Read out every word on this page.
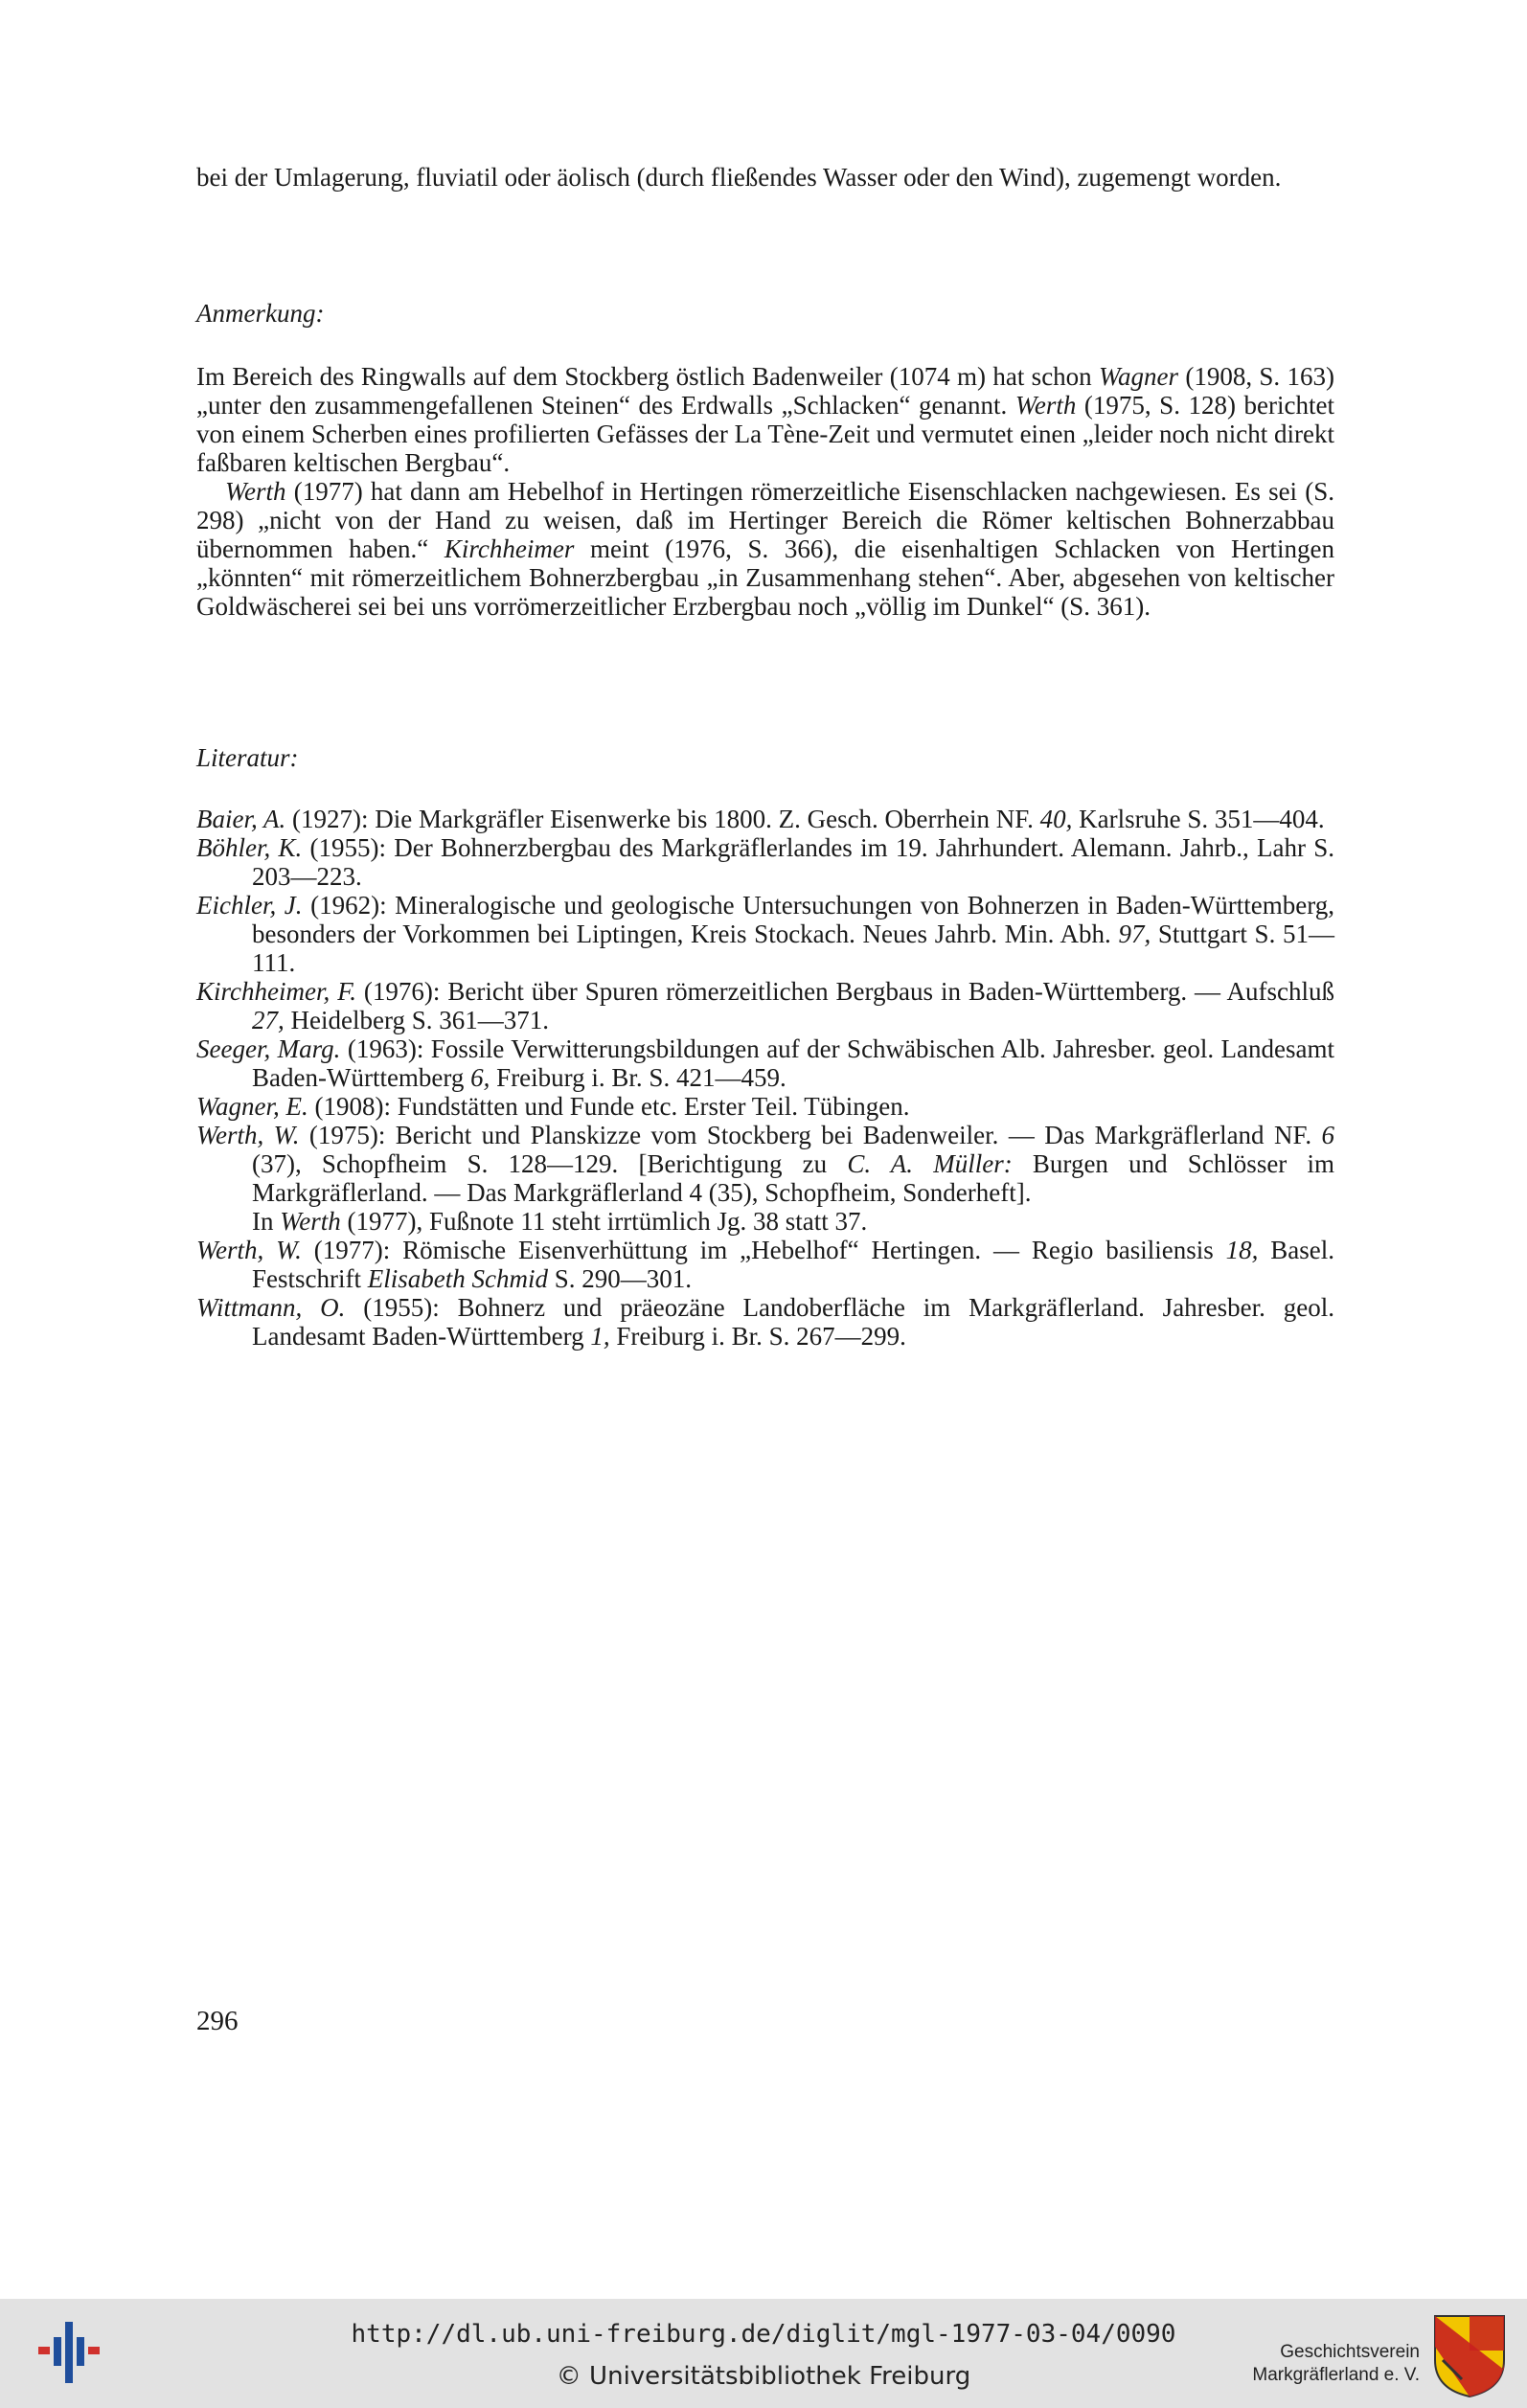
bei der Umlagerung, fluviatil oder äolisch (durch fließendes Wasser oder den Wind), zugemengt worden.

Anmerkung:

Im Bereich des Ringwalls auf dem Stockberg östlich Badenweiler (1074 m) hat schon Wagner (1908, S. 163) „unter den zusammengefallenen Steinen“ des Erdwalls „Schlacken“ genannt. Werth (1975, S. 128) berichtet von einem Scherben eines profilierten Gefässes der La Tène-Zeit und vermutet einen „leider noch nicht direkt faßbaren keltischen Bergbau“.

Werth (1977) hat dann am Hebelhof in Hertingen römerzeitliche Eisenschlacken nachgewiesen. Es sei (S. 298) „nicht von der Hand zu weisen, daß im Hertinger Bereich die Römer keltischen Bohnerzabbau übernommen haben.“ Kirchheimer meint (1976, S. 366), die eisenhaltigen Schlacken von Hertingen „könnten“ mit römerzeitlichem Bohnerzbergbau „in Zusammenhang stehen“. Aber, abgesehen von keltischer Goldwäscherei sei bei uns vorrömerzeitlicher Erzbergbau noch „völlig im Dunkel“ (S. 361).

Literatur:

Baier, A. (1927): Die Markgräfler Eisenwerke bis 1800. Z. Gesch. Oberrhein NF. 40, Karlsruhe S. 351—404.

Böhler, K. (1955): Der Bohnerzbergbau des Markgräflerlandes im 19. Jahrhundert. Alemann. Jahrb., Lahr S. 203—223.

Eichler, J. (1962): Mineralogische und geologische Untersuchungen von Bohnerzen in Baden-Württemberg, besonders der Vorkommen bei Liptingen, Kreis Stockach. Neues Jahrb. Min. Abh. 97, Stuttgart S. 51—111.

Kirchheimer, F. (1976): Bericht über Spuren römerzeitlichen Bergbaus in Baden-Württemberg. — Aufschluß 27, Heidelberg S. 361—371.

Seeger, Marg. (1963): Fossile Verwitterungsbildungen auf der Schwäbischen Alb. Jahresber. geol. Landesamt Baden-Württemberg 6, Freiburg i. Br. S. 421—459.

Wagner, E. (1908): Fundstätten und Funde etc. Erster Teil. Tübingen.

Werth, W. (1975): Bericht und Planskizze vom Stockberg bei Badenweiler. — Das Markgräflerland NF. 6 (37), Schopfheim S. 128—129. [Berichtigung zu C. A. Müller: Burgen und Schlösser im Markgräflerland. — Das Markgräflerland 4 (35), Schopfheim, Sonderheft].

In Werth (1977), Fußnote 11 steht irrtümlich Jg. 38 statt 37.

Werth, W. (1977): Römische Eisenverhüttung im „Hebelhof“ Hertingen. — Regio basiliensis 18, Basel. Festschrift Elisabeth Schmid S. 290—301.

Wittmann, O. (1955): Bohnerz und präeozäne Landoberfläche im Markgräflerland. Jahresber. geol. Landesamt Baden-Württemberg 1, Freiburg i. Br. S. 267—299.

296
http://dl.ub.uni-freiburg.de/diglit/mgl-1977-03-04/0090
© Universitätsbibliothek Freiburg
Geschichtsverein
Markgräflerland e. V.
